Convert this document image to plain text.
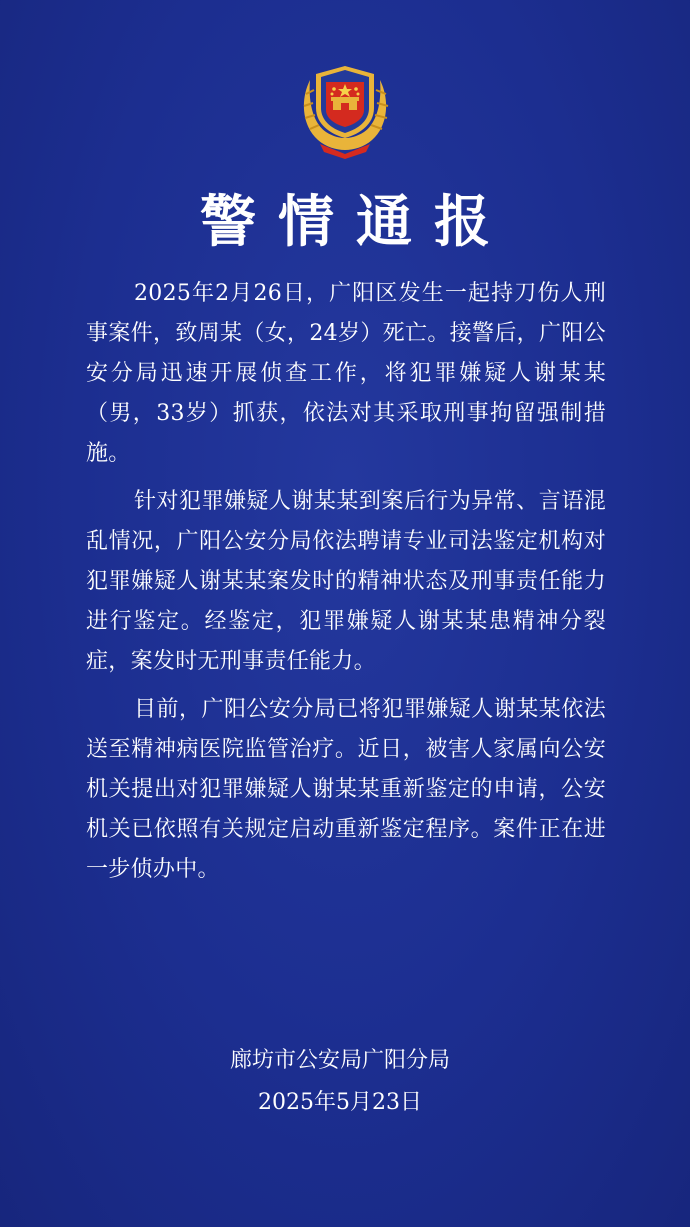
警情通报

2025年2月26日，广阳区发生一起持刀伤人刑事案件，致周某（女，24岁）死亡。接警后，广阳公安分局迅速开展侦查工作，将犯罪嫌疑人谢某某（男，33岁）抓获，依法对其采取刑事拘留强制措施。

针对犯罪嫌疑人谢某某到案后行为异常、言语混乱情况，广阳公安分局依法聘请专业司法鉴定机构对犯罪嫌疑人谢某某案发时的精神状态及刑事责任能力进行鉴定。经鉴定，犯罪嫌疑人谢某某患精神分裂症，案发时无刑事责任能力。

目前，广阳公安分局已将犯罪嫌疑人谢某某依法送至精神病医院监管治疗。近日，被害人家属向公安机关提出对犯罪嫌疑人谢某某重新鉴定的申请，公安机关已依照有关规定启动重新鉴定程序。案件正在进一步侦办中。

廊坊市公安局广阳分局
2025年5月23日
